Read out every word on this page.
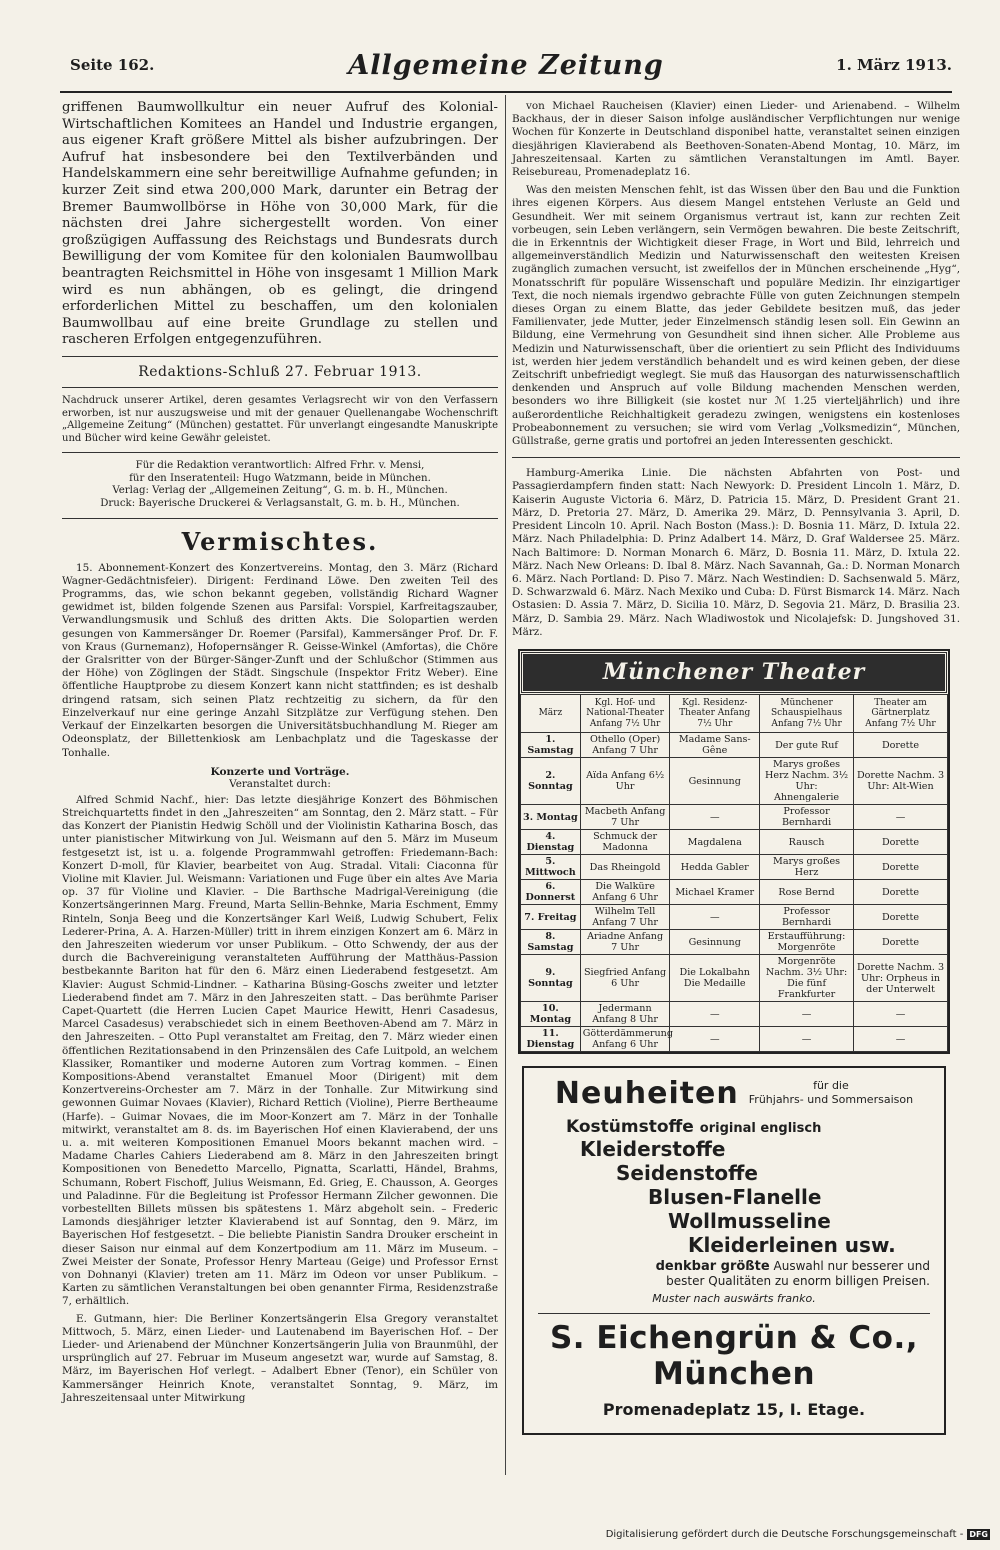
Seite 162.	Allgemeine Zeitung	1. März 1913.

griffenen Baumwollkultur ein neuer Aufruf des Kolonial-Wirtschaftlichen Komitees an Handel und Industrie ergangen, aus eigener Kraft größere Mittel als bisher aufzubringen. Der Aufruf hat insbesondere bei den Textilverbänden und Handelskammern eine sehr bereitwillige Aufnahme gefunden; in kurzer Zeit sind etwa 200,000 Mark, darunter ein Betrag der Bremer Baumwollbörse in Höhe von 30,000 Mark, für die nächsten drei Jahre sichergestellt worden. Von einer großzügigen Auffassung des Reichstags und Bundesrats durch Bewilligung der vom Komitee für den kolonialen Baumwollbau beantragten Reichsmittel in Höhe von insgesamt 1 Million Mark wird es nun abhängen, ob es gelingt, die dringend erforderlichen Mittel zu beschaffen, um den kolonialen Baumwollbau auf eine breite Grundlage zu stellen und rascheren Erfolgen entgegenzuführen.

Redaktions-Schluß 27. Februar 1913.

Nachdruck unserer Artikel, deren gesamtes Verlagsrecht wir von den Verfassern erworben, ist nur auszugsweise und mit der genauer Quellenangabe Wochenschrift „Allgemeine Zeitung“ (München) gestattet. Für unverlangt eingesandte Manuskripte und Bücher wird keine Gewähr geleistet.

Für die Redaktion verantwortlich: Alfred Frhr. v. Mensi,

für den Inseratenteil: Hugo Watzmann, beide in München.

Verlag: Verlag der „Allgemeinen Zeitung“, G. m. b. H., München.

Druck: Bayerische Druckerei & Verlagsanstalt, G. m. b. H., München.

Vermischtes.

15. Abonnement-Konzert des Konzertvereins. Montag, den 3. März (Richard Wagner-Gedächtnisfeier). Dirigent: Ferdinand Löwe. Den zweiten Teil des Programms, das, wie schon bekannt gegeben, vollständig Richard Wagner gewidmet ist, bilden folgende Szenen aus Parsifal: Vorspiel, Karfreitagszauber, Verwandlungsmusik und Schluß des dritten Akts. Die Solopartien werden gesungen von Kammersänger Dr. Roemer (Parsifal), Kammersänger Prof. Dr. F. von Kraus (Gurnemanz), Hofopernsänger R. Geisse-Winkel (Amfortas), die Chöre der Gralsritter von der Bürger-Sänger-Zunft und der Schlußchor (Stimmen aus der Höhe) von Zöglingen der Städt. Singschule (Inspektor Fritz Weber). Eine öffentliche Hauptprobe zu diesem Konzert kann nicht stattfinden; es ist deshalb dringend ratsam, sich seinen Platz rechtzeitig zu sichern, da für den Einzelverkauf nur eine geringe Anzahl Sitzplätze zur Verfügung stehen. Den Verkauf der Einzelkarten besorgen die Universitätsbuchhandlung M. Rieger am Odeonsplatz, der Billettenkiosk am Lenbachplatz und die Tageskasse der Tonhalle.

Konzerte und Vorträge.
Veranstaltet durch:

Alfred Schmid Nachf., hier: Das letzte diesjährige Konzert des Böhmischen Streichquartetts findet in den „Jahreszeiten“ am Sonntag, den 2. März statt. – Für das Konzert der Pianistin Hedwig Schöll und der Violinistin Katharina Bosch, das unter pianistischer Mitwirkung von Jul. Weismann auf den 5. März im Museum festgesetzt ist, ist u. a. folgende Programmwahl getroffen: Friedemann-Bach: Konzert D-moll, für Klavier, bearbeitet von Aug. Stradal. Vitali: Ciaconna für Violine mit Klavier. Jul. Weismann: Variationen und Fuge über ein altes Ave Maria op. 37 für Violine und Klavier. – Die Barthsche Madrigal-Vereinigung (die Konzertsängerinnen Marg. Freund, Marta Sellin-Behnke, Maria Eschment, Emmy Rinteln, Sonja Beeg und die Konzertsänger Karl Weiß, Ludwig Schubert, Felix Lederer-Prina, A. A. Harzen-Müller) tritt in ihrem einzigen Konzert am 6. März in den Jahreszeiten wiederum vor unser Publikum. – Otto Schwendy, der aus der durch die Bachvereinigung veranstalteten Aufführung der Matthäus-Passion bestbekannte Bariton hat für den 6. März einen Liederabend festgesetzt. Am Klavier: August Schmid-Lindner. – Katharina Büsing-Goschs zweiter und letzter Liederabend findet am 7. März in den Jahreszeiten statt. – Das berühmte Pariser Capet-Quartett (die Herren Lucien Capet Maurice Hewitt, Henri Casadesus, Marcel Casadesus) verabschiedet sich in einem Beethoven-Abend am 7. März in den Jahreszeiten. – Otto Pupl veranstaltet am Freitag, den 7. März wieder einen öffentlichen Rezitationsabend in den Prinzensälen des Cafe Luitpold, an welchem Klassiker, Romantiker und moderne Autoren zum Vortrag kommen. – Einen Kompositions-Abend veranstaltet Emanuel Moor (Dirigent) mit dem Konzertvereins-Orchester am 7. März in der Tonhalle. Zur Mitwirkung sind gewonnen Guimar Novaes (Klavier), Richard Rettich (Violine), Pierre Bertheaume (Harfe). – Guimar Novaes, die im Moor-Konzert am 7. März in der Tonhalle mitwirkt, veranstaltet am 8. ds. im Bayerischen Hof einen Klavierabend, der uns u. a. mit weiteren Kompositionen Emanuel Moors bekannt machen wird. – Madame Charles Cahiers Liederabend am 8. März in den Jahreszeiten bringt Kompositionen von Benedetto Marcello, Pignatta, Scarlatti, Händel, Brahms, Schumann, Robert Fischoff, Julius Weismann, Ed. Grieg, E. Chausson, A. Georges und Paladinne. Für die Begleitung ist Professor Hermann Zilcher gewonnen. Die vorbestellten Billets müssen bis spätestens 1. März abgeholt sein. – Frederic Lamonds diesjähriger letzter Klavierabend ist auf Sonntag, den 9. März, im Bayerischen Hof festgesetzt. – Die beliebte Pianistin Sandra Drouker erscheint in dieser Saison nur einmal auf dem Konzertpodium am 11. März im Museum. – Zwei Meister der Sonate, Professor Henry Marteau (Geige) und Professor Ernst von Dohnanyi (Klavier) treten am 11. März im Odeon vor unser Publikum. – Karten zu sämtlichen Veranstaltungen bei oben genannter Firma, Residenzstraße 7, erhältlich.

E. Gutmann, hier: Die Berliner Konzertsängerin Elsa Gregory veranstaltet Mittwoch, 5. März, einen Lieder- und Lautenabend im Bayerischen Hof. – Der Lieder- und Arienabend der Münchner Konzertsängerin Julia von Braunmühl, der ursprünglich auf 27. Februar im Museum angesetzt war, wurde auf Samstag, 8. März, im Bayerischen Hof verlegt. – Adalbert Ebner (Tenor), ein Schüler von Kammersänger Heinrich Knote, veranstaltet Sonntag, 9. März, im Jahreszeitensaal unter Mitwirkung

von Michael Raucheisen (Klavier) einen Lieder- und Arienabend. – Wilhelm Backhaus, der in dieser Saison infolge ausländischer Verpflichtungen nur wenige Wochen für Konzerte in Deutschland disponibel hatte, veranstaltet seinen einzigen diesjährigen Klavierabend als Beethoven-Sonaten-Abend Montag, 10. März, im Jahreszeitensaal. Karten zu sämtlichen Veranstaltungen im Amtl. Bayer. Reisebureau, Promenadeplatz 16.

Was den meisten Menschen fehlt, ist das Wissen über den Bau und die Funktion ihres eigenen Körpers. Aus diesem Mangel entstehen Verluste an Geld und Gesundheit. Wer mit seinem Organismus vertraut ist, kann zur rechten Zeit vorbeugen, sein Leben verlängern, sein Vermögen bewahren. Die beste Zeitschrift, die in Erkenntnis der Wichtigkeit dieser Frage, in Wort und Bild, lehrreich und allgemeinverständlich Medizin und Naturwissenschaft den weitesten Kreisen zugänglich zumachen versucht, ist zweifellos der in München erscheinende „Hyg“, Monatsschrift für populäre Wissenschaft und populäre Medizin. Ihr einzigartiger Text, die noch niemals irgendwo gebrachte Fülle von guten Zeichnungen stempeln dieses Organ zu einem Blatte, das jeder Gebildete besitzen muß, das jeder Familienvater, jede Mutter, jeder Einzelmensch ständig lesen soll. Ein Gewinn an Bildung, eine Vermehrung von Gesundheit sind ihnen sicher. Alle Probleme aus Medizin und Naturwissenschaft, über die orientiert zu sein Pflicht des Individuums ist, werden hier jedem verständlich behandelt und es wird keinen geben, der diese Zeitschrift unbefriedigt weglegt. Sie muß das Hausorgan des naturwissenschaftlich denkenden und Anspruch auf volle Bildung machenden Menschen werden, besonders wo ihre Billigkeit (sie kostet nur ℳ 1.25 vierteljährlich) und ihre außerordentliche Reichhaltigkeit geradezu zwingen, wenigstens ein kostenloses Probeabonnement zu versuchen; sie wird vom Verlag „Volksmedizin“, München, Güllstraße, gerne gratis und portofrei an jeden Interessenten geschickt.

Hamburg-Amerika Linie. Die nächsten Abfahrten von Post- und Passagierdampfern finden statt: Nach Newyork: D. President Lincoln 1. März, D. Kaiserin Auguste Victoria 6. März, D. Patricia 15. März, D. President Grant 21. März, D. Pretoria 27. März, D. Amerika 29. März, D. Pennsylvania 3. April, D. President Lincoln 10. April. Nach Boston (Mass.): D. Bosnia 11. März, D. Ixtula 22. März. Nach Philadelphia: D. Prinz Adalbert 14. März, D. Graf Waldersee 25. März. Nach Baltimore: D. Norman Monarch 6. März, D. Bosnia 11. März, D. Ixtula 22. März. Nach New Orleans: D. Ibal 8. März. Nach Savannah, Ga.: D. Norman Monarch 6. März. Nach Portland: D. Piso 7. März. Nach Westindien: D. Sachsenwald 5. März, D. Schwarzwald 6. März. Nach Mexiko und Cuba: D. Fürst Bismarck 14. März. Nach Ostasien: D. Assia 7. März, D. Sicilia 10. März, D. Segovia 21. März, D. Brasilia 23. März, D. Sambia 29. März. Nach Wladiwostok und Nicolajefsk: D. Jungshoved 31. März.

Münchener Theater
März	Kgl. Hof- und National-Theater Anfang 7½ Uhr	Kgl. Residenz-Theater Anfang 7½ Uhr	Münchener Schauspielhaus Anfang 7½ Uhr	Theater am Gärtnerplatz Anfang 7½ Uhr
1. Samstag	Othello (Oper) Anfang 7 Uhr	Madame Sans-Gêne	Der gute Ruf	Dorette
2. Sonntag	Aïda Anfang 6½ Uhr	Gesinnung	Marys großes Herz Nachm. 3½ Uhr: Ahnengalerie	Dorette Nachm. 3 Uhr: Alt-Wien
3. Montag	Macbeth Anfang 7 Uhr	—	Professor Bernhardi	—
4. Dienstag	Schmuck der Madonna	Magdalena	Rausch	Dorette
5. Mittwoch	Das Rheingold	Hedda Gabler	Marys großes Herz	Dorette
6. Donnerst	Die Walküre Anfang 6 Uhr	Michael Kramer	Rose Bernd	Dorette
7. Freitag	Wilhelm Tell Anfang 7 Uhr	—	Professor Bernhardi	Dorette
8. Samstag	Ariadne Anfang 7 Uhr	Gesinnung	Erstaufführung: Morgenröte	Dorette
9. Sonntag	Siegfried Anfang 6 Uhr	Die Lokalbahn Die Medaille	Morgenröte Nachm. 3½ Uhr: Die fünf Frankfurter	Dorette Nachm. 3 Uhr: Orpheus in der Unterwelt
10. Montag	Jedermann Anfang 8 Uhr	—	—	—
11. Dienstag	Götterdämmerung Anfang 6 Uhr	—	—	—
Neuheiten	für die
Frühjahrs- und Sommersaison
Kostümstoffe original englisch
Kleiderstoffe
Seidenstoffe
Blusen-Flanelle
Wollmusseline
Kleiderleinen usw.
denkbar größte Auswahl nur besserer und
bester Qualitäten zu enorm billigen Preisen.
Muster nach auswärts franko.
S. Eichengrün & Co., München
Promenadeplatz 15, I. Etage.
Digitalisierung gefördert durch die Deutsche Forschungsgemeinschaft - DFG
